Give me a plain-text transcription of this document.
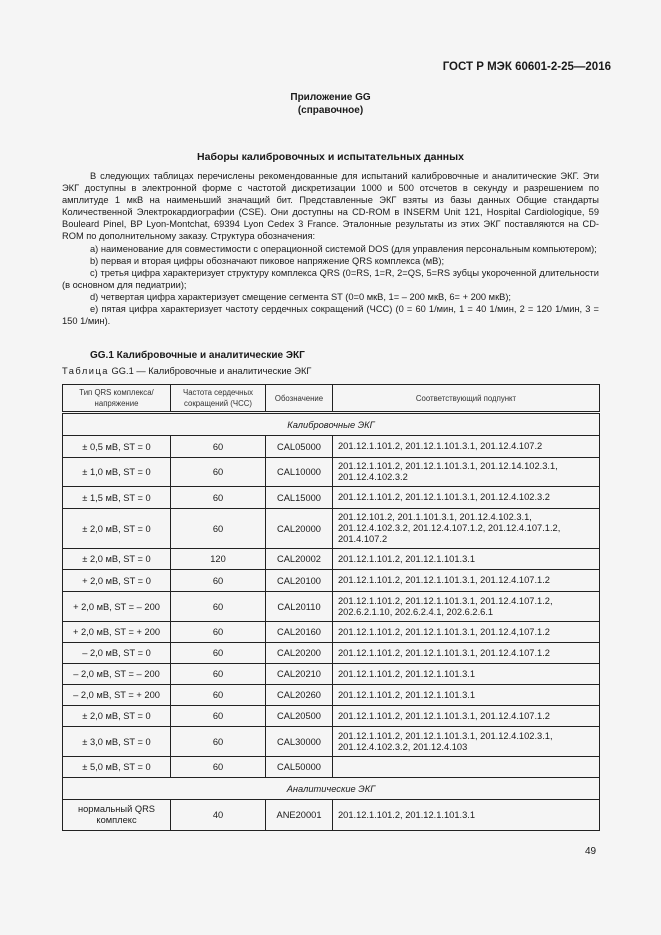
ГОСТ Р МЭК 60601-2-25—2016
Приложение GG
(справочное)
Наборы калибровочных и испытательных данных

В следующих таблицах перечислены рекомендованные для испытаний калибровочные и аналитические ЭКГ. Эти ЭКГ доступны в электронной форме с частотой дискретизации 1000 и 500 отсчетов в секунду и разрешением по амплитуде 1 мкВ на наименьший значащий бит. Представленные ЭКГ взяты из базы данных Общие стандарты Количественной Электрокардиографии (CSE). Они доступны на CD-ROM в INSERM Unit 121, Hospital Cardiologique, 59 Bouleard Pinel, BP Lyon-Montchat, 69394 Lyon Cedex 3 France. Эталонные результаты из этих ЭКГ поставляются на CD-ROM по дополнительному заказу. Структура обозначения:

a) наименование для совместимости с операционной системой DOS (для управления персональным компьютером);

b) первая и вторая цифры обозначают пиковое напряжение QRS комплекса (мВ);

c) третья цифра характеризует структуру комплекса QRS (0=RS, 1=R, 2=QS, 5=RS зубцы укороченной длительности (в основном для педиатрии);

d) четвертая цифра характеризует смещение сегмента ST (0=0 мкВ, 1= – 200 мкВ, 6= + 200 мкВ);

e) пятая цифра характеризует частоту сердечных сокращений (ЧСС) (0 = 60 1/мин, 1 = 40 1/мин, 2 = 120 1/мин, 3 = 150 1/мин).

GG.1 Калибровочные и аналитические ЭКГ
Таблица GG.1 — Калибровочные и аналитические ЭКГ
Тип QRS комплекса/ напряжение	Частота сердечных сокращений (ЧСС)	Обозначение	Соответствующий подпункт
Калибровочные ЭКГ			
± 0,5 мВ, ST = 0	60	CAL05000	201.12.1.101.2, 201.12.1.101.3.1, 201.12.4.107.2
± 1,0 мВ, ST = 0	60	CAL10000	201.12.1.101.2, 201.12.1.101.3.1, 201.12.14.102.3.1, 201.12.4.102.3.2
± 1,5 мВ, ST = 0	60	CAL15000	201.12.1.101.2, 201.12.1.101.3.1, 201.12.4.102.3.2
± 2,0 мВ, ST = 0	60	CAL20000	201.12.101.2, 201.1.101.3.1, 201.12.4.102.3.1, 201.12.4.102.3.2, 201.12.4.107.1.2, 201.12.4.107.1.2, 201.4.107.2
± 2,0 мВ, ST = 0	120	CAL20002	201.12.1.101.2, 201.12.1.101.3.1
+ 2,0 мВ, ST = 0	60	CAL20100	201.12.1.101.2, 201.12.1.101.3.1, 201.12.4.107.1.2
+ 2,0 мВ, ST = – 200	60	CAL20110	201.12.1.101.2, 201.12.1.101.3.1, 201.12.4.107.1.2, 202.6.2.1.10, 202.6.2.4.1, 202.6.2.6.1
+ 2,0 мВ, ST = + 200	60	CAL20160	201.12.1.101.2, 201.12.1.101.3.1, 201.12.4,107.1.2
– 2,0 мВ, ST = 0	60	CAL20200	201.12.1.101.2, 201.12.1.101.3.1, 201.12.4.107.1.2
– 2,0 мВ, ST = – 200	60	CAL20210	201.12.1.101.2, 201.12.1.101.3.1
– 2,0 мВ, ST = + 200	60	CAL20260	201.12.1.101.2, 201.12.1.101.3.1
± 2,0 мВ, ST = 0	60	CAL20500	201.12.1.101.2, 201.12.1.101.3.1, 201.12.4.107.1.2
± 3,0 мВ, ST = 0	60	CAL30000	201.12.1.101.2, 201.12.1.101.3.1, 201.12.4.102.3.1, 201.12.4.102.3.2, 201.12.4.103
± 5,0 мВ, ST = 0	60	CAL50000	
Аналитические ЭКГ			
нормальный QRS комплекс	40	ANE20001	201.12.1.101.2, 201.12.1.101.3.1
49
